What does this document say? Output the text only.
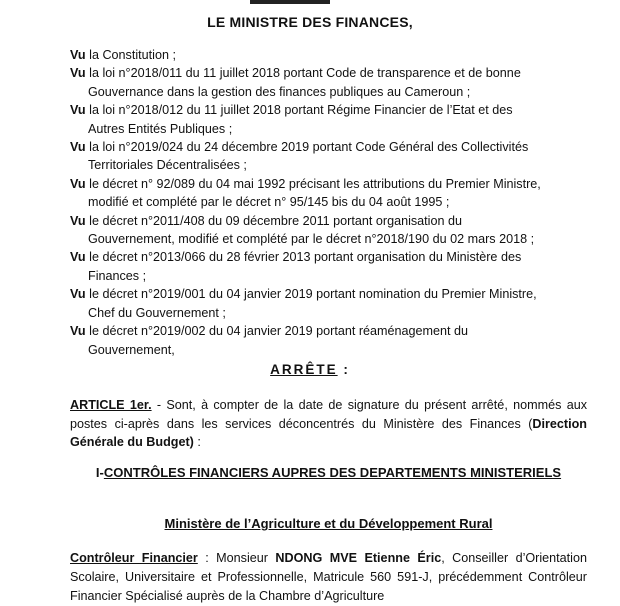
LE MINISTRE DES FINANCES,
Vu la Constitution ;
Vu la loi n°2018/011 du 11 juillet 2018 portant Code de transparence et de bonne
Gouvernance dans la gestion des finances publiques au Cameroun ;
Vu la loi n°2018/012 du 11 juillet 2018 portant Régime Financier de l’Etat et des
Autres Entités Publiques ;
Vu la loi n°2019/024 du 24 décembre 2019 portant Code Général des Collectivités
Territoriales Décentralisées ;
Vu le décret n° 92/089 du 04 mai 1992 précisant les attributions du Premier Ministre,
modifié et complété par le décret n° 95/145 bis du 04 août 1995 ;
Vu le décret n°2011/408 du 09 décembre 2011 portant organisation du
Gouvernement, modifié et complété par le décret n°2018/190 du 02 mars 2018 ;
Vu le décret n°2013/066 du 28 février 2013 portant organisation du Ministère des
Finances ;
Vu le décret n°2019/001 du 04 janvier 2019 portant nomination du Premier Ministre,
Chef du Gouvernement ;
Vu le décret n°2019/002 du 04 janvier 2019 portant réaménagement du
Gouvernement,
ARRÊTE :
ARTICLE 1er. - Sont, à compter de la date de signature du présent arrêté, nommés aux postes ci-après dans les services déconcentrés du Ministère des Finances (Direction Générale du Budget) :
I-CONTRÔLES FINANCIERS AUPRES DES DEPARTEMENTS MINISTERIELS
Ministère de l’Agriculture et du Développement Rural
Contrôleur Financier : Monsieur NDONG MVE Etienne Éric, Conseiller d’Orientation Scolaire, Universitaire et Professionnelle, Matricule 560 591-J, précédemment Contrôleur Financier Spécialisé auprès de la Chambre d’Agriculture
